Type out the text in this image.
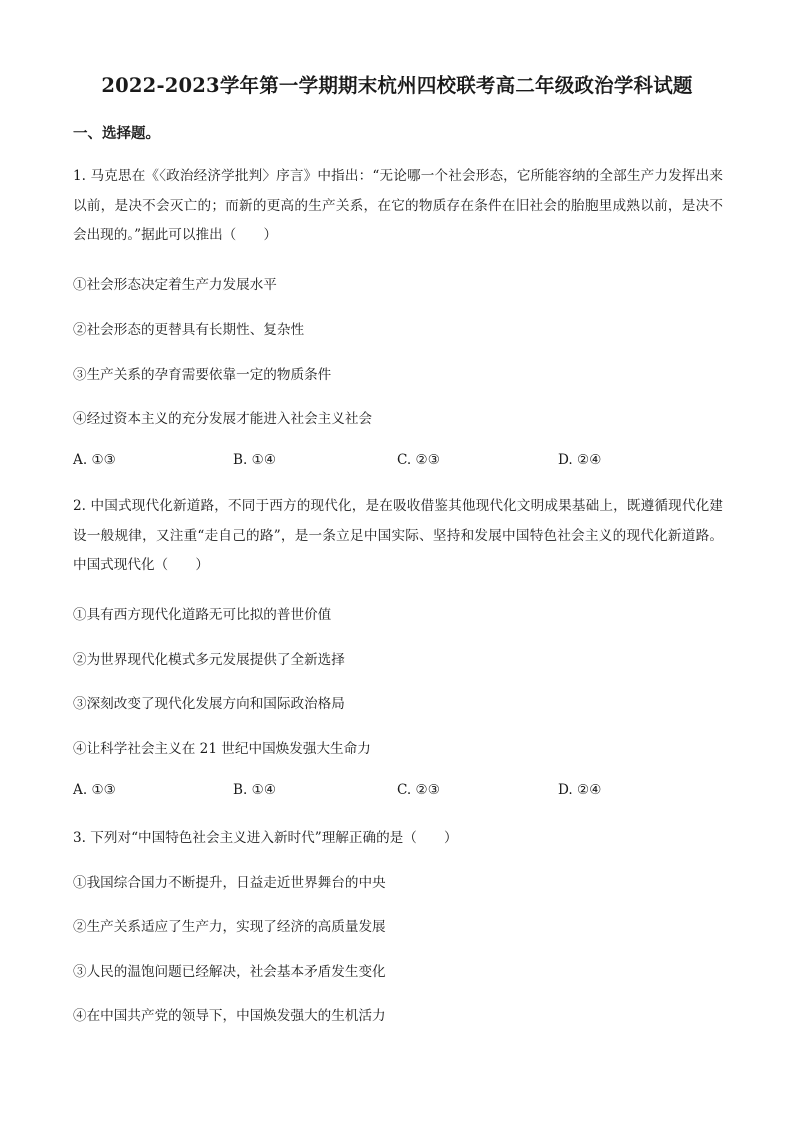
2022-2023学年第一学期期末杭州四校联考高二年级政治学科试题
一、选择题。
1. 马克思在《〈政治经济学批判〉序言》中指出：“无论哪一个社会形态，它所能容纳的全部生产力发挥出来以前，是决不会灭亡的；而新的更高的生产关系，在它的物质存在条件在旧社会的胎胞里成熟以前，是决不会出现的。”据此可以推出（　　）
①社会形态决定着生产力发展水平
②社会形态的更替具有长期性、复杂性
③生产关系的孕育需要依靠一定的物质条件
④经过资本主义的充分发展才能进入社会主义社会
A. ①③	B. ①④	C. ②③	D. ②④
2. 中国式现代化新道路，不同于西方的现代化，是在吸收借鉴其他现代化文明成果基础上，既遵循现代化建设一般规律，又注重“走自己的路”，是一条立足中国实际、坚持和发展中国特色社会主义的现代化新道路。中国式现代化（　　）
①具有西方现代化道路无可比拟的普世价值
②为世界现代化模式多元发展提供了全新选择
③深刻改变了现代化发展方向和国际政治格局
④让科学社会主义在 21 世纪中国焕发强大生命力
A. ①③	B. ①④	C. ②③	D. ②④
3. 下列对“中国特色社会主义进入新时代”理解正确的是（　　）
①我国综合国力不断提升，日益走近世界舞台的中央
②生产关系适应了生产力，实现了经济的高质量发展
③人民的温饱问题已经解决，社会基本矛盾发生变化
④在中国共产党的领导下，中国焕发强大的生机活力
